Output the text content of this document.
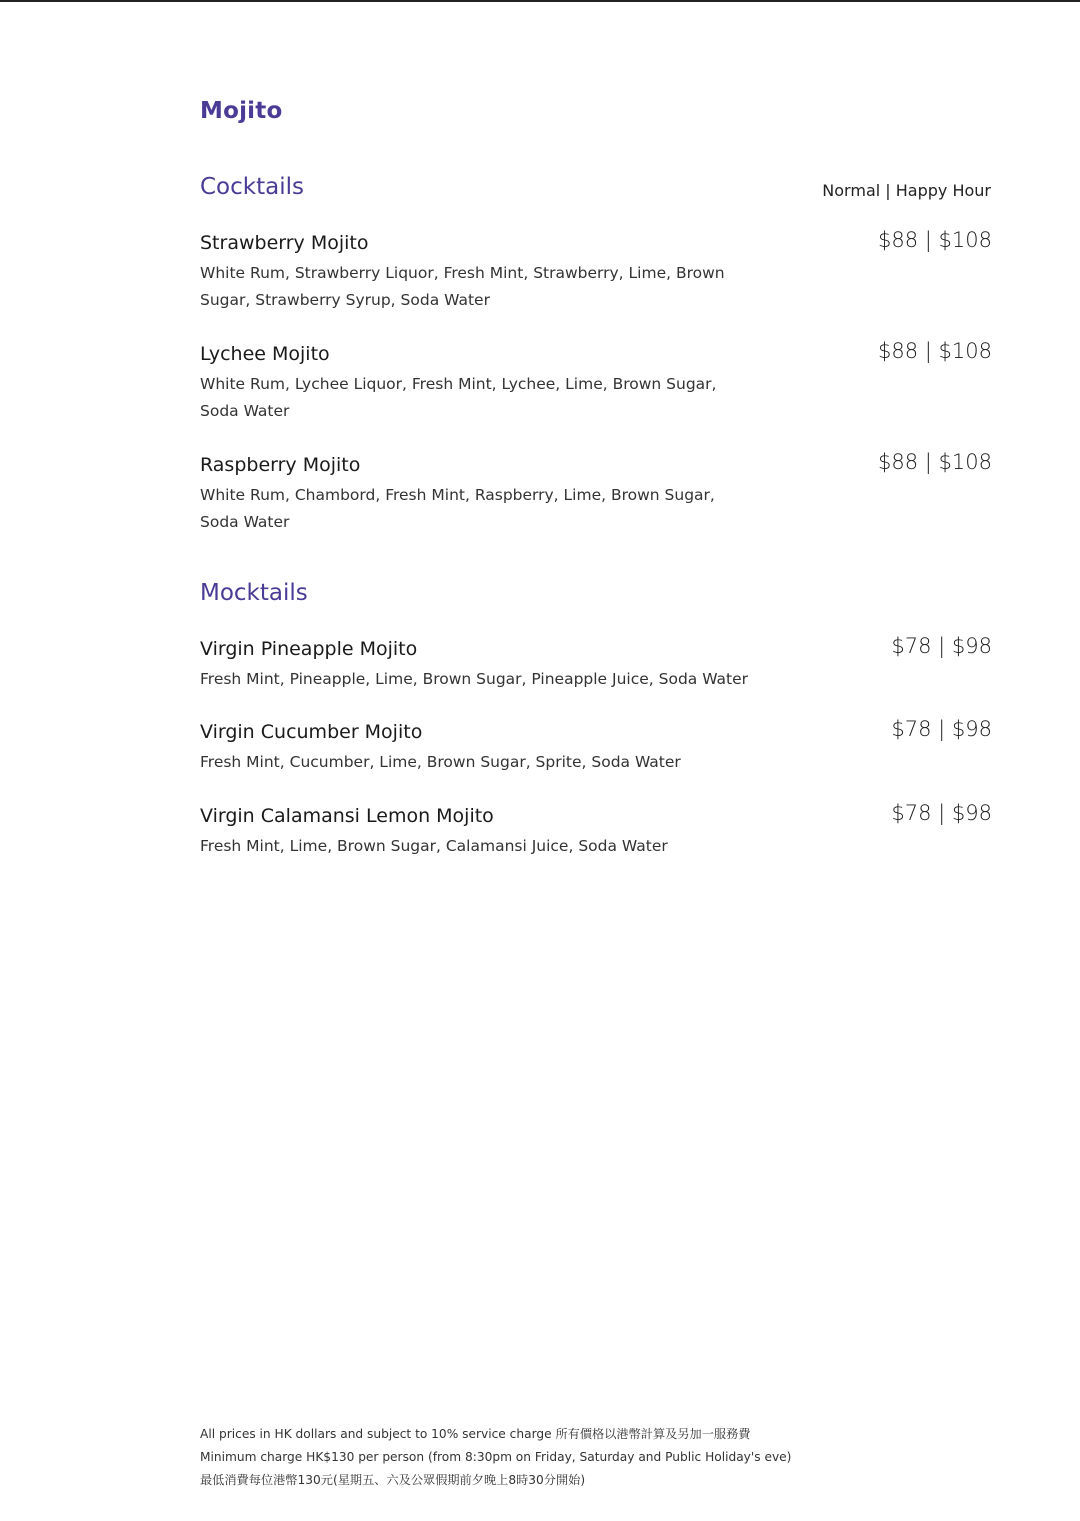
Mojito
Cocktails	Normal | Happy Hour
Strawberry Mojito
White Rum, Strawberry Liquor, Fresh Mint, Strawberry, Lime, Brown Sugar, Strawberry Syrup, Soda Water
$88 | $108
Lychee Mojito
White Rum, Lychee Liquor, Fresh Mint, Lychee, Lime, Brown Sugar, Soda Water
$88 | $108
Raspberry Mojito
White Rum, Chambord, Fresh Mint, Raspberry, Lime, Brown Sugar, Soda Water
$88 | $108
Mocktails
Virgin Pineapple Mojito
Fresh Mint, Pineapple, Lime, Brown Sugar, Pineapple Juice, Soda Water
$78 | $98
Virgin Cucumber Mojito
Fresh Mint, Cucumber, Lime, Brown Sugar, Sprite, Soda Water
$78 | $98
Virgin Calamansi Lemon Mojito
Fresh Mint, Lime, Brown Sugar, Calamansi Juice, Soda Water
$78 | $98
All prices in HK dollars and subject to 10% service charge 所有價格以港幣計算及另加一服務費
Minimum charge HK$130 per person (from 8:30pm on Friday, Saturday and Public Holiday's eve)
最低消費每位港幣130元(星期五、六及公眾假期前夕晚上8時30分開始)
